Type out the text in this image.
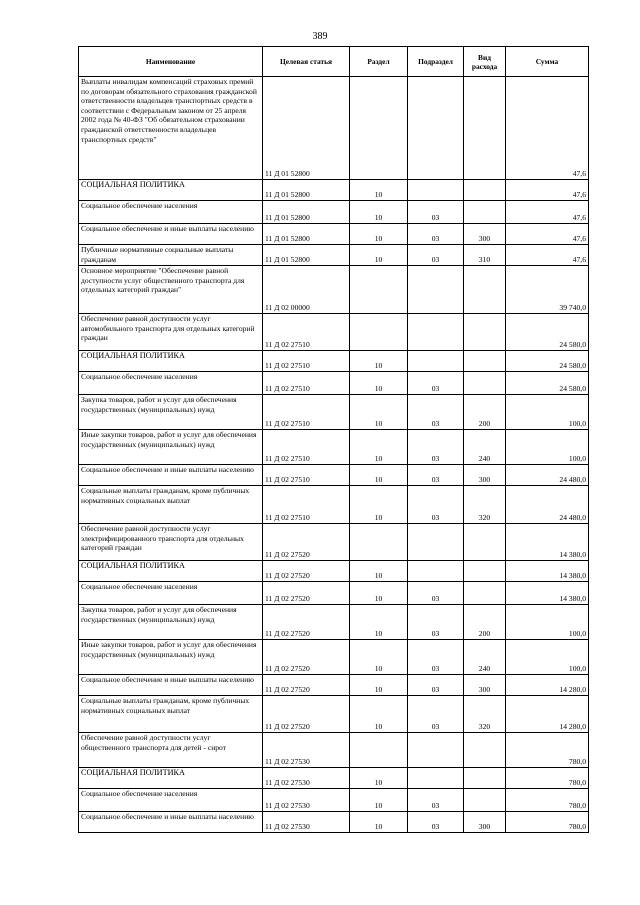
389
Наименование	Целевая статья	Раздел	Подраздел	Вид расхода	Сумма
Выплаты инвалидам компенсаций страховых премий по договорам обязательного страхования гражданской ответственности владельцев транспортных средств в соответствии с Федеральным законом от 25 апреля 2002 года № 40-ФЗ "Об обязательном страховании гражданской ответственности владельцев транспортных средств"	11 Д 01 52800				47,6
СОЦИАЛЬНАЯ ПОЛИТИКА	11 Д 01 52800	10			47,6
Социальное обеспечение населения	11 Д 01 52800	10	03		47,6
Социальное обеспечение и иные выплаты населению	11 Д 01 52800	10	03	300	47,6
Публичные нормативные социальные выплаты гражданам	11 Д 01 52800	10	03	310	47,6
Основное мероприятие "Обеспечение равной доступности услуг общественного транспорта для отдельных категорий граждан"	11 Д 02 00000				39 740,0
Обеспечение равной доступности услуг автомобильного транспорта для отдельных категорий граждан	11 Д 02 27510				24 580,0
СОЦИАЛЬНАЯ ПОЛИТИКА	11 Д 02 27510	10			24 580,0
Социальное обеспечение населения	11 Д 02 27510	10	03		24 580,0
Закупка товаров, работ и услуг для обеспечения государственных (муниципальных) нужд	11 Д 02 27510	10	03	200	100,0
Иные закупки товаров, работ и услуг для обеспечения государственных (муниципальных) нужд	11 Д 02 27510	10	03	240	100,0
Социальное обеспечение и иные выплаты населению	11 Д 02 27510	10	03	300	24 480,0
Социальные выплаты гражданам, кроме публичных нормативных социальных выплат	11 Д 02 27510	10	03	320	24 480,0
Обеспечение равной доступности услуг электрифицированного транспорта для отдельных категорий граждан	11 Д 02 27520				14 380,0
СОЦИАЛЬНАЯ ПОЛИТИКА	11 Д 02 27520	10			14 380,0
Социальное обеспечение населения	11 Д 02 27520	10	03		14 380,0
Закупка товаров, работ и услуг для обеспечения государственных (муниципальных) нужд	11 Д 02 27520	10	03	200	100,0
Иные закупки товаров, работ и услуг для обеспечения государственных (муниципальных) нужд	11 Д 02 27520	10	03	240	100,0
Социальное обеспечение и иные выплаты населению	11 Д 02 27520	10	03	300	14 280,0
Социальные выплаты гражданам, кроме публичных нормативных социальных выплат	11 Д 02 27520	10	03	320	14 280,0
Обеспечение равной доступности услуг общественного транспорта для детей - сирот	11 Д 02 27530				780,0
СОЦИАЛЬНАЯ ПОЛИТИКА	11 Д 02 27530	10			780,0
Социальное обеспечение населения	11 Д 02 27530	10	03		780,0
Социальное обеспечение и иные выплаты населению	11 Д 02 27530	10	03	300	780,0
